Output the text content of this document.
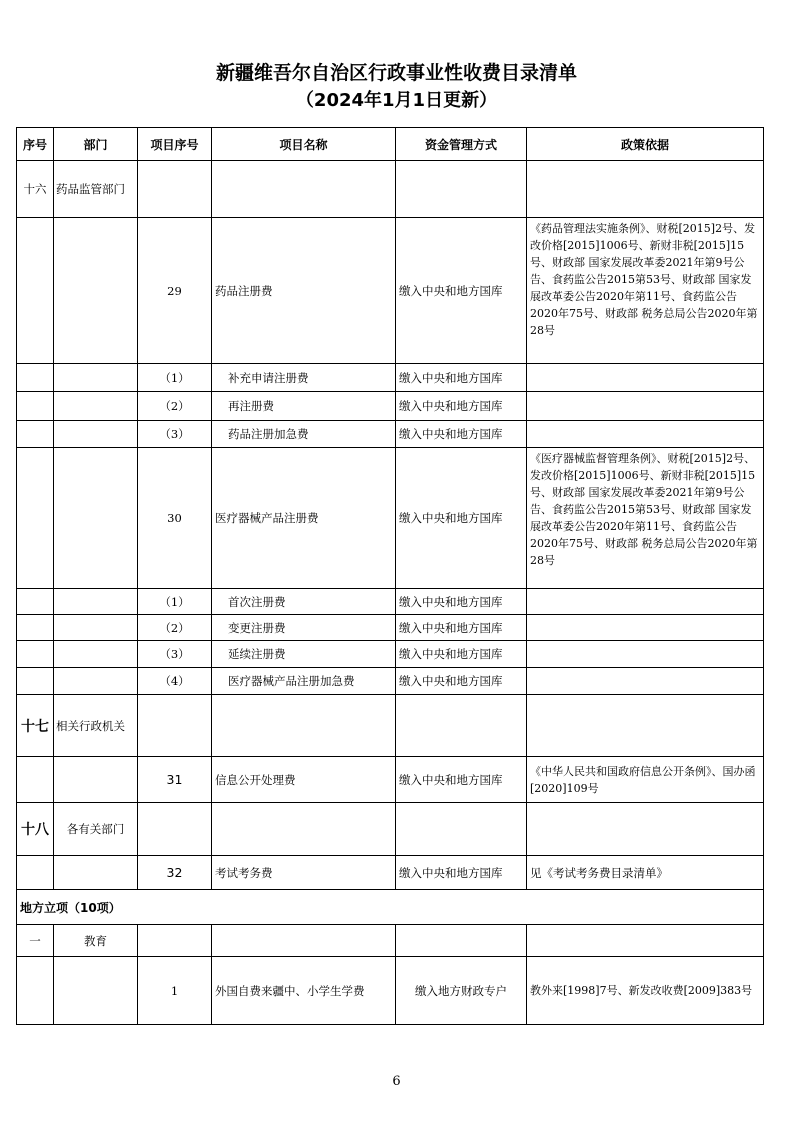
新疆维吾尔自治区行政事业性收费目录清单
（2024年1月1日更新）
序号	部门	项目序号	项目名称	资金管理方式	政策依据
十六	药品监管部门				
		29	药品注册费	缴入中央和地方国库	《药品管理法实施条例》、财税[2015]2号、发改价格[2015]1006号、新财非税[2015]15号、财政部 国家发展改革委2021年第9号公告、食药监公告2015第53号、财政部 国家发展改革委公告2020年第11号、食药监公告2020年75号、财政部 税务总局公告2020年第28号
		（1）	补充申请注册费	缴入中央和地方国库	
		（2）	再注册费	缴入中央和地方国库	
		（3）	药品注册加急费	缴入中央和地方国库	
		30	医疗器械产品注册费	缴入中央和地方国库	《医疗器械监督管理条例》、财税[2015]2号、发改价格[2015]1006号、新财非税[2015]15号、财政部 国家发展改革委2021年第9号公告、食药监公告2015第53号、财政部 国家发展改革委公告2020年第11号、食药监公告2020年75号、财政部 税务总局公告2020年第28号
		（1）	首次注册费	缴入中央和地方国库	
		（2）	变更注册费	缴入中央和地方国库	
		（3）	延续注册费	缴入中央和地方国库	
		（4）	医疗器械产品注册加急费	缴入中央和地方国库	
十七	相关行政机关				
		31	信息公开处理费	缴入中央和地方国库	《中华人民共和国政府信息公开条例》、国办函[2020]109号
十八	各有关部门				
		32	考试考务费	缴入中央和地方国库	见《考试考务费目录清单》
地方立项（10项）					
一	教育				
		1	外国自费来疆中、小学生学费	缴入地方财政专户	教外来[1998]7号、新发改收费[2009]383号
6
